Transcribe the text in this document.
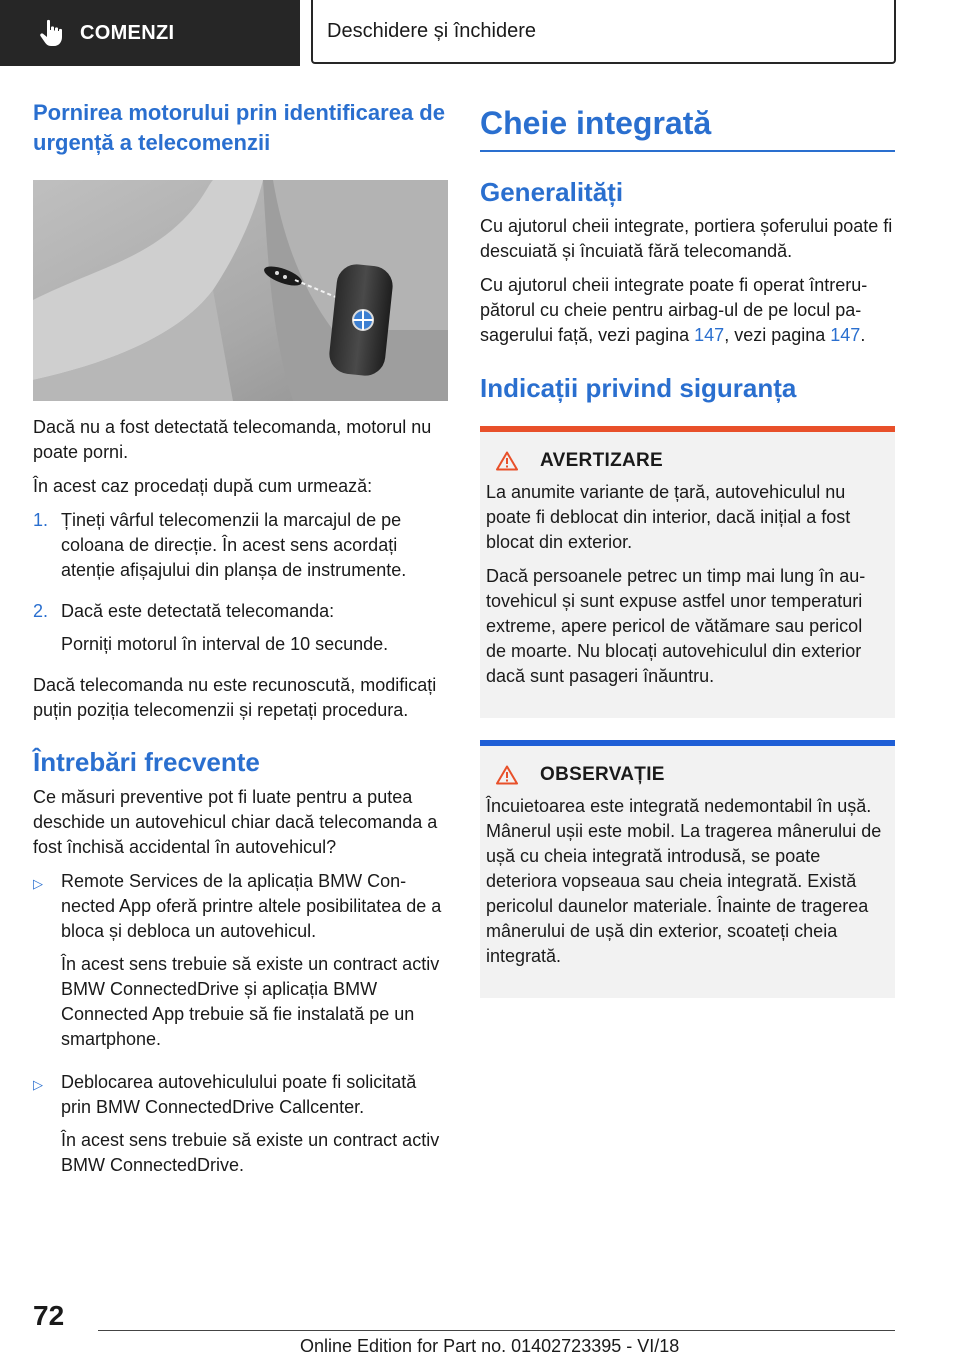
COMENZI	Deschidere și închidere
Pornirea motorului prin identificarea de urgență a telecomenzii

Dacă nu a fost detectată telecomanda, motorul nu poate porni.

În acest caz procedați după cum urmează:

1. Țineți vârful telecomenzii la marcajul de pe coloana de direcție. În acest sens acordați atenție afișajului din planșa de instrumente.

2. Dacă este detectată telecomanda:

Porniți motorul în interval de 10 secunde.

Dacă telecomanda nu este recunoscută, modificați puțin poziția telecomenzii și repetați procedura.

Întrebări frecvente

Ce măsuri preventive pot fi luate pentru a putea deschide un autovehicul chiar dacă telecomanda a fost închisă accidental în autovehicul?

▷	Remote Services de la aplicația BMW Connected App oferă printre altele posibilitatea de a bloca și debloca un autovehicul.

În acest sens trebuie să existe un contract activ BMW ConnectedDrive și aplicația BMW Connected App trebuie să fie instalată pe un smartphone.

▷	Deblocarea autovehiculului poate fi solicitată prin BMW ConnectedDrive Callcenter.

În acest sens trebuie să existe un contract activ BMW ConnectedDrive.

Cheie integrată
Generalități

Cu ajutorul cheii integrate, portiera șoferului poate fi descuiată și încuiată fără telecomandă.

Cu ajutorul cheii integrate poate fi operat întrerupătorul cu cheie pentru airbag-ul de pe locul pasagerului față, vezi pagina 147, vezi pagina 147.

Indicații privind siguranța
AVERTIZARE

La anumite variante de țară, autovehiculul nu poate fi deblocat din interior, dacă inițial a fost blocat din exterior.

Dacă persoanele petrec un timp mai lung în autovehicul și sunt expuse astfel unor temperaturi extreme, apere pericol de vătămare sau pericol de moarte. Nu blocați autovehiculul din exterior dacă sunt pasageri înăuntru.

OBSERVAȚIE

Încuietoarea este integrată nedemontabil în ușă. Mânerul ușii este mobil. La tragerea mânerului de ușă cu cheia integrată introdusă, se poate deteriora vopseaua sau cheia integrată. Există pericolul daunelor materiale. Înainte de tragerea mânerului de ușă din exterior, scoateți cheia integrată.

72
Online Edition for Part no. 01402723395 - VI/18
